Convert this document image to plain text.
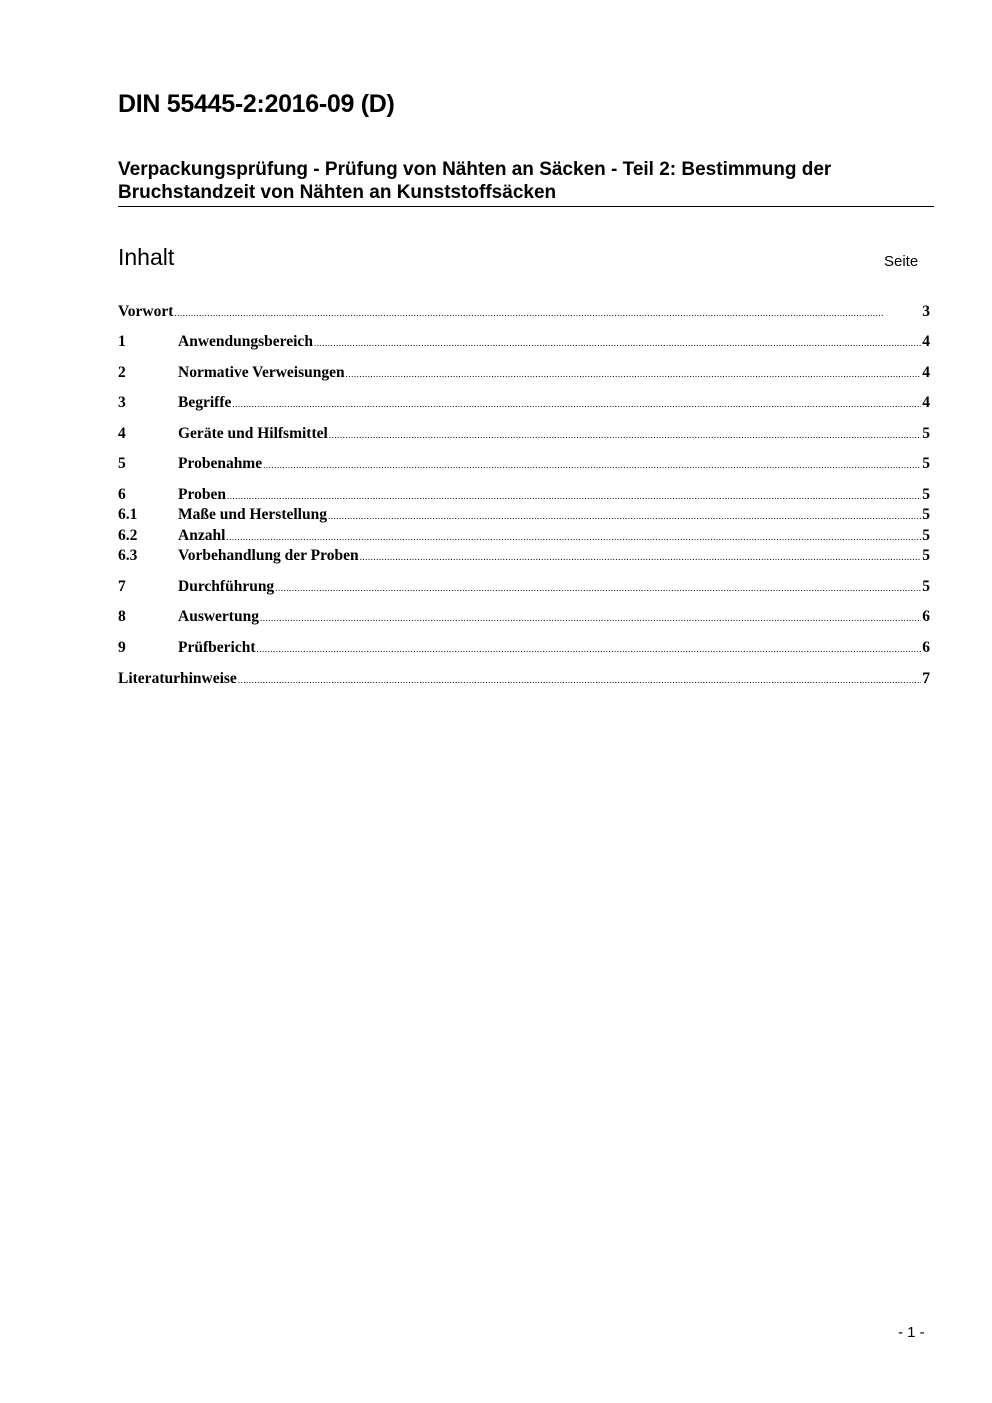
DIN 55445-2:2016-09 (D)
Verpackungsprüfung - Prüfung von Nähten an Säcken - Teil 2: Bestimmung der
Bruchstandzeit von Nähten an Kunststoffsäcken
Inhalt	Seite
Vorwort .....	3
1	Anwendungsbereich .....	4
2	Normative Verweisungen .....	4
3	Begriffe .....	4
4	Geräte und Hilfsmittel .....	5
5	Probenahme .....	5
6	Proben .....	5
6.1	Maße und Herstellung .....	5
6.2	Anzahl .....	5
6.3	Vorbehandlung der Proben .....	5
7	Durchführung .....	5
8	Auswertung .....	6
9	Prüfbericht .....	6
Literaturhinweise .....	7
- 1 -
